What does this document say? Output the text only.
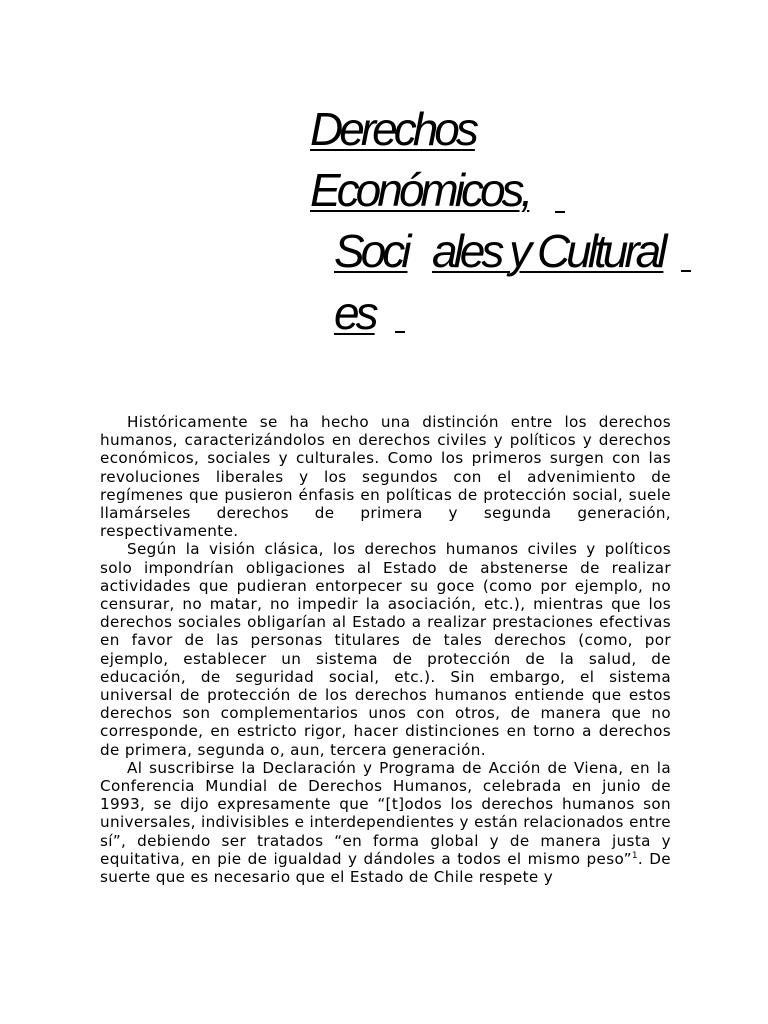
Derechos
Económicos,
Soci ales y Cultural
es

Históricamente se ha hecho una distinción entre los derechos humanos, caracterizándolos en derechos civiles y políticos y derechos económicos, sociales y culturales. Como los primeros surgen con las revoluciones liberales y los segundos con el advenimiento de regímenes que pusieron énfasis en políticas de protección social, suele llamárseles derechos de primera y segunda generación, respectivamente.

Según la visión clásica, los derechos humanos civiles y políticos solo impondrían obligaciones al Estado de abstenerse de realizar actividades que pudieran entorpecer su goce (como por ejemplo, no censurar, no matar, no impedir la asociación, etc.), mientras que los derechos sociales obligarían al Estado a realizar prestaciones efectivas en favor de las personas titulares de tales derechos (como, por ejemplo, establecer un sistema de protección de la salud, de educación, de seguridad social, etc.). Sin embargo, el sistema universal de protección de los derechos humanos entiende que estos derechos son complementarios unos con otros, de manera que no corresponde, en estricto rigor, hacer distinciones en torno a derechos de primera, segunda o, aun, tercera generación.

Al suscribirse la Declaración y Programa de Acción de Viena, en la Conferencia Mundial de Derechos Humanos, celebrada en junio de 1993, se dijo expresamente que “[t]odos los derechos humanos son universales, indivisibles e interdependientes y están relacionados entre sí”, debiendo ser tratados “en forma global y de manera justa y equitativa, en pie de igualdad y dándoles a todos el mismo peso”$^1$. De suerte que es necesario que el Estado de Chile respete y
